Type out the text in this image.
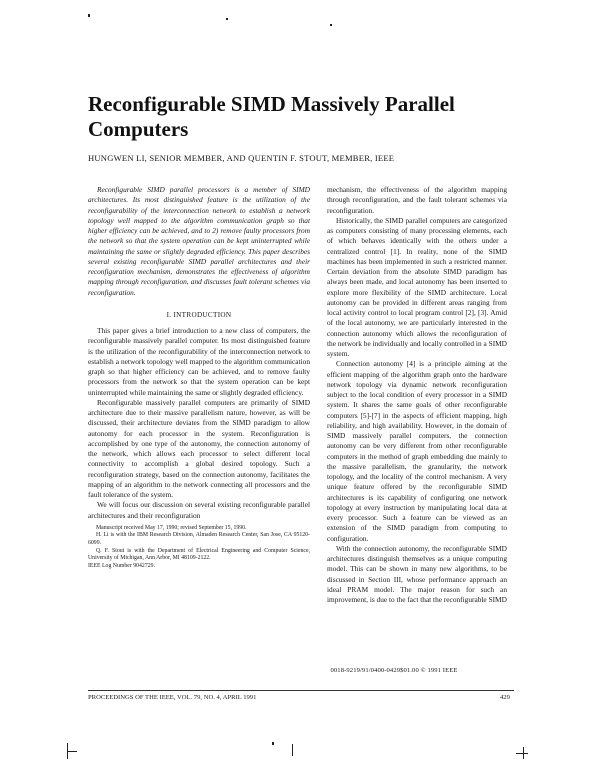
Reconfigurable SIMD Massively Parallel Computers
HUNGWEN LI, SENIOR MEMBER, AND QUENTIN F. STOUT, MEMBER, IEEE

Reconfigurable SIMD parallel processors is a member of SIMD architectures. Its most distinguished feature is the utilization of the reconfigurability of the interconnection network to establish a network topology well mapped to the algorithm communication graph so that higher efficiency can be achieved, and to 2) remove faulty processors from the network so that the system operation can be kept uninterrupted while maintaining the same or slightly degraded efficiency. This paper describes several existing reconfigurable SIMD parallel architectures and their reconfiguration mechanism, demonstrates the effectiveness of algorithm mapping through reconfiguration, and discusses fault tolerant schemes via reconfiguration.

I. INTRODUCTION

This paper gives a brief introduction to a new class of computers, the reconfigurable massively parallel computer. Its most distinguished feature is the utilization of the reconfigurability of the interconnection network to establish a network topology well mapped to the algorithm communication graph so that higher efficiency can be achieved, and to remove faulty processors from the network so that the system operation can be kept uninterrupted while maintaining the same or slightly degraded efficiency.

Reconfigurable massively parallel computers are primarily of SIMD architecture due to their massive parallelism nature, however, as will be discussed, their architecture deviates from the SIMD paradigm to allow autonomy for each processor in the system. Reconfiguration is accomplished by one type of the autonomy, the connection autonomy of the network, which allows each processor to select different local connectivity to accomplish a global desired topology. Such a reconfiguration strategy, based on the connection autonomy, facilitates the mapping of an algorithm to the network connecting all processors and the fault tolerance of the system.

We will focus our discussion on several existing reconfigurable parallel architectures and their reconfiguration

Manuscript received May 17, 1990; revised September 15, 1990.
H. Li is with the IBM Research Division, Almaden Research Center, San Jose, CA 95120-6099.
Q. F. Stout is with the Department of Electrical Engineering and Computer Science, University of Michigan, Ann Arbor, MI 48109-2122.
IEEE Log Number 9042729.

mechanism, the effectiveness of the algorithm mapping through reconfiguration, and the fault tolerant schemes via reconfiguration.

Historically, the SIMD parallel computers are categorized as computers consisting of many processing elements, each of which behaves identically with the others under a centralized control [1]. In reality, none of the SIMD machines has been implemented in such a restricted manner. Certain deviation from the absolute SIMD paradigm has always been made, and local autonomy has been inserted to explore more flexibility of the SIMD architecture. Local autonomy can be provided in different areas ranging from local activity control to local program control [2], [3]. Amid of the local autonomy, we are particularly interested in the connection autonomy which allows the reconfiguration of the network be individually and locally controlled in a SIMD system.

Connection autonomy [4] is a principle aiming at the efficient mapping of the algorithm graph onto the hardware network topology via dynamic network reconfiguration subject to the local condition of every processor in a SIMD system. It shares the same goals of other reconfigurable computers [5]-[7] in the aspects of efficient mapping, high reliability, and high availability. However, in the domain of SIMD massively parallel computers, the connection autonomy can be very different from other reconfigurable computers in the method of graph embedding due mainly to the massive parallelism, the granularity, the network topology, and the locality of the control mechanism. A very unique feature offered by the reconfigurable SIMD architectures is its capability of configuring one network topology at every instruction by manipulating local data at every processor. Such a feature can be viewed as an extension of the SIMD paradigm from computing to configuration.

With the connection autonomy, the reconfigurable SIMD architectures distinguish themselves as a unique computing model. This can be shown in many new algorithms, to be discussed in Section III, whose performance approach an ideal PRAM model. The major reason for such an improvement, is due to the fact that the reconfigurable SIMD

0018-9219/91/0400-0429$01.00 © 1991 IEEE
PROCEEDINGS OF THE IEEE, VOL. 79, NO. 4, APRIL 1991	429
